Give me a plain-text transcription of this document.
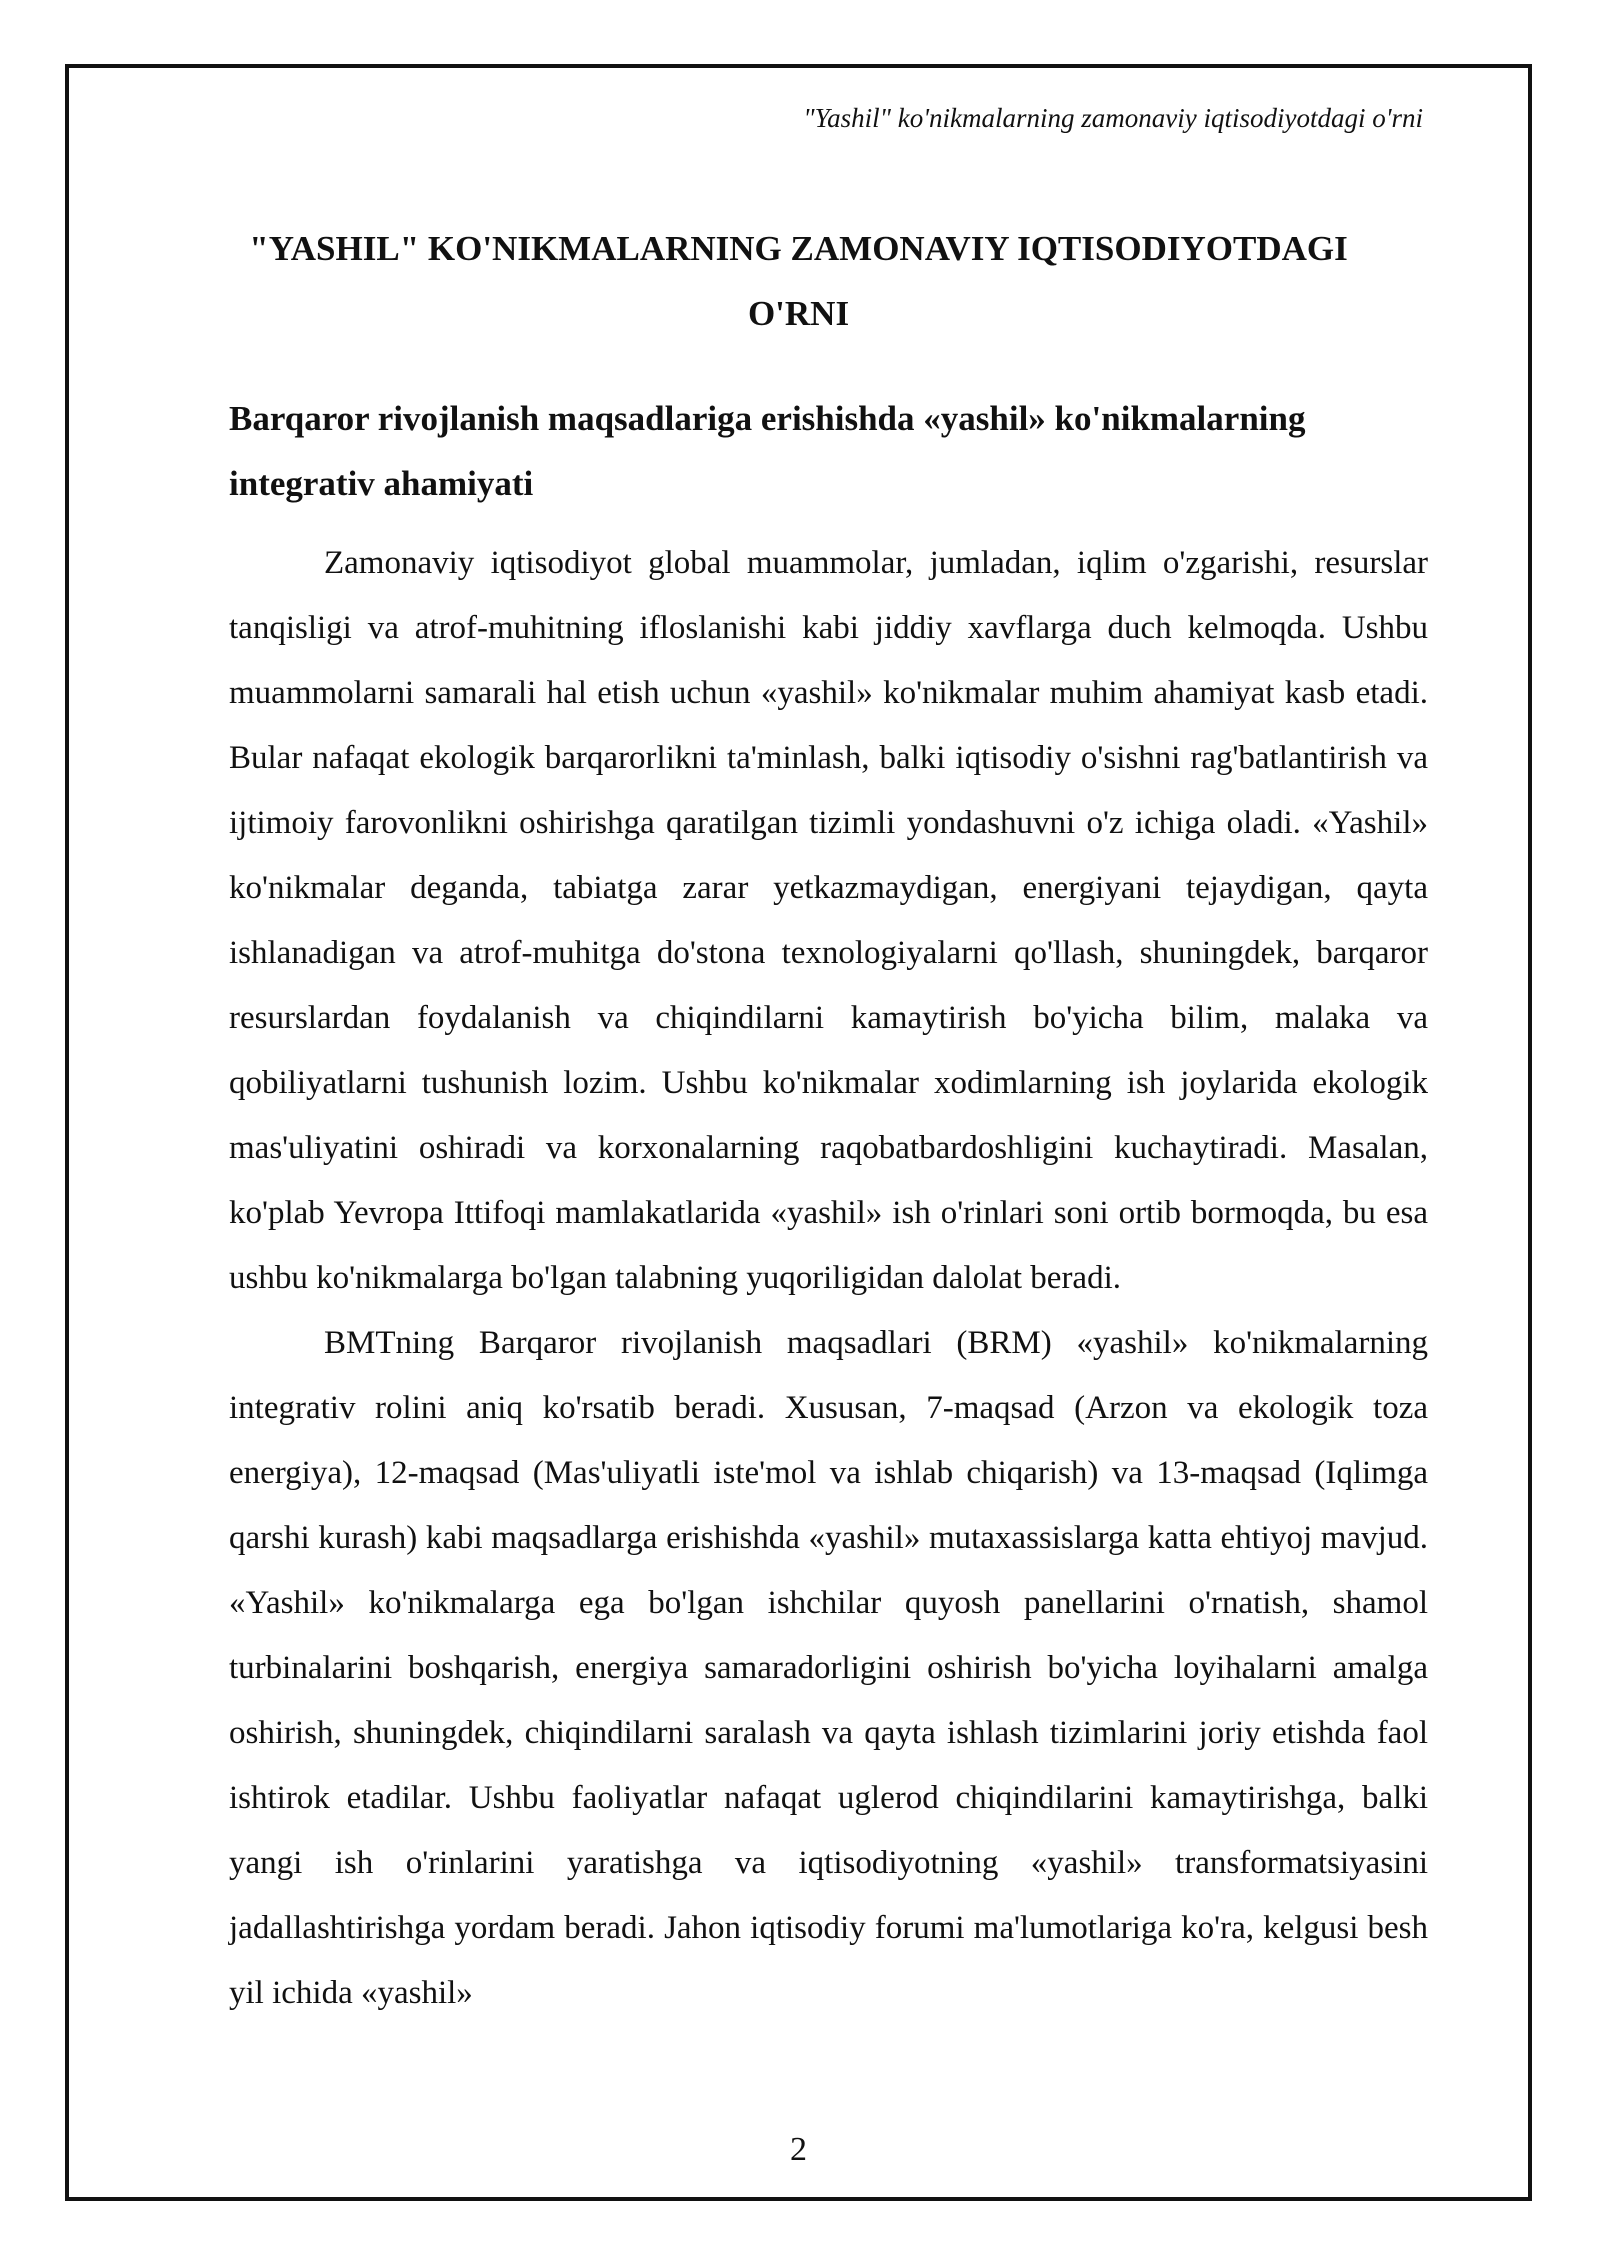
"Yashil" ko'nikmalarning zamonaviy iqtisodiyotdagi o'rni
"YASHIL" KO'NIKMALARNING ZAMONAVIY IQTISODIYOTDAGI O'RNI
Barqaror rivojlanish maqsadlariga erishishda «yashil» ko'nikmalarning integrativ ahamiyati

Zamonaviy iqtisodiyot global muammolar, jumladan, iqlim o'zgarishi, resurslar tanqisligi va atrof-muhitning ifloslanishi kabi jiddiy xavflarga duch kelmoqda. Ushbu muammolarni samarali hal etish uchun «yashil» ko'nikmalar muhim ahamiyat kasb etadi. Bular nafaqat ekologik barqarorlikni ta'minlash, balki iqtisodiy o'sishni rag'batlantirish va ijtimoiy farovonlikni oshirishga qaratilgan tizimli yondashuvni o'z ichiga oladi. «Yashil» ko'nikmalar deganda, tabiatga zarar yetkazmaydigan, energiyani tejaydigan, qayta ishlanadigan va atrof-muhitga do'stona texnologiyalarni qo'llash, shuningdek, barqaror resurslardan foydalanish va chiqindilarni kamaytirish bo'yicha bilim, malaka va qobiliyatlarni tushunish lozim. Ushbu ko'nikmalar xodimlarning ish joylarida ekologik mas'uliyatini oshiradi va korxonalarning raqobatbardoshligini kuchaytiradi. Masalan, ko'plab Yevropa Ittifoqi mamlakatlarida «yashil» ish o'rinlari soni ortib bormoqda, bu esa ushbu ko'nikmalarga bo'lgan talabning yuqoriligidan dalolat beradi.

BMTning Barqaror rivojlanish maqsadlari (BRM) «yashil» ko'nikmalarning integrativ rolini aniq ko'rsatib beradi. Xususan, 7-maqsad (Arzon va ekologik toza energiya), 12-maqsad (Mas'uliyatli iste'mol va ishlab chiqarish) va 13-maqsad (Iqlimga qarshi kurash) kabi maqsadlarga erishishda «yashil» mutaxassislarga katta ehtiyoj mavjud. «Yashil» ko'nikmalarga ega bo'lgan ishchilar quyosh panellarini o'rnatish, shamol turbinalarini boshqarish, energiya samaradorligini oshirish bo'yicha loyihalarni amalga oshirish, shuningdek, chiqindilarni saralash va qayta ishlash tizimlarini joriy etishda faol ishtirok etadilar. Ushbu faoliyatlar nafaqat uglerod chiqindilarini kamaytirishga, balki yangi ish o'rinlarini yaratishga va iqtisodiyotning «yashil» transformatsiyasini jadallashtirishga yordam beradi. Jahon iqtisodiy forumi ma'lumotlariga ko'ra, kelgusi besh yil ichida «yashil»

2
